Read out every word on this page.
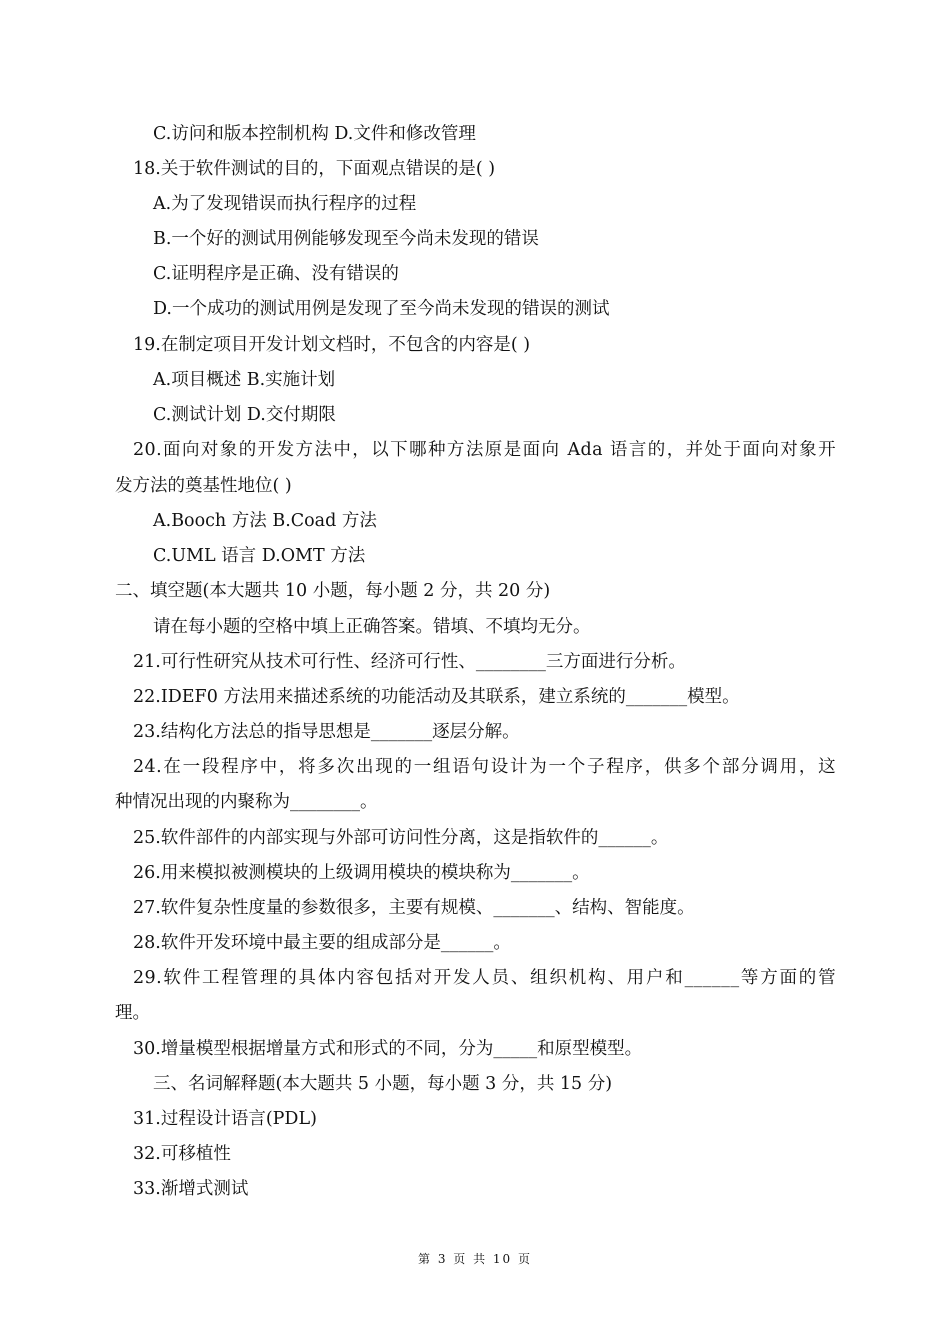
C.访问和版本控制机构 D.文件和修改管理
18.关于软件测试的目的，下面观点错误的是( )
A.为了发现错误而执行程序的过程
B.一个好的测试用例能够发现至今尚未发现的错误
C.证明程序是正确、没有错误的
D.一个成功的测试用例是发现了至今尚未发现的错误的测试
19.在制定项目开发计划文档时，不包含的内容是( )
A.项目概述 B.实施计划
C.测试计划 D.交付期限
20.面向对象的开发方法中，以下哪种方法原是面向 Ada 语言的，并处于面向对象开
发方法的奠基性地位( )
A.Booch 方法 B.Coad 方法
C.UML 语言 D.OMT 方法
二、填空题(本大题共 10 小题，每小题 2 分，共 20 分)
请在每小题的空格中填上正确答案。错填、不填均无分。
21.可行性研究从技术可行性、经济可行性、________三方面进行分析。
22.IDEF0 方法用来描述系统的功能活动及其联系，建立系统的_______模型。
23.结构化方法总的指导思想是_______逐层分解。
24.在一段程序中，将多次出现的一组语句设计为一个子程序，供多个部分调用，这
种情况出现的内聚称为________。
25.软件部件的内部实现与外部可访问性分离，这是指软件的______。
26.用来模拟被测模块的上级调用模块的模块称为_______。
27.软件复杂性度量的参数很多，主要有规模、_______、结构、智能度。
28.软件开发环境中最主要的组成部分是______。
29.软件工程管理的具体内容包括对开发人员、组织机构、用户和______等方面的管
理。
30.增量模型根据增量方式和形式的不同，分为_____和原型模型。
三、名词解释题(本大题共 5 小题，每小题 3 分，共 15 分)
31.过程设计语言(PDL)
32.可移植性
33.渐增式测试
第 3 页 共 10 页
